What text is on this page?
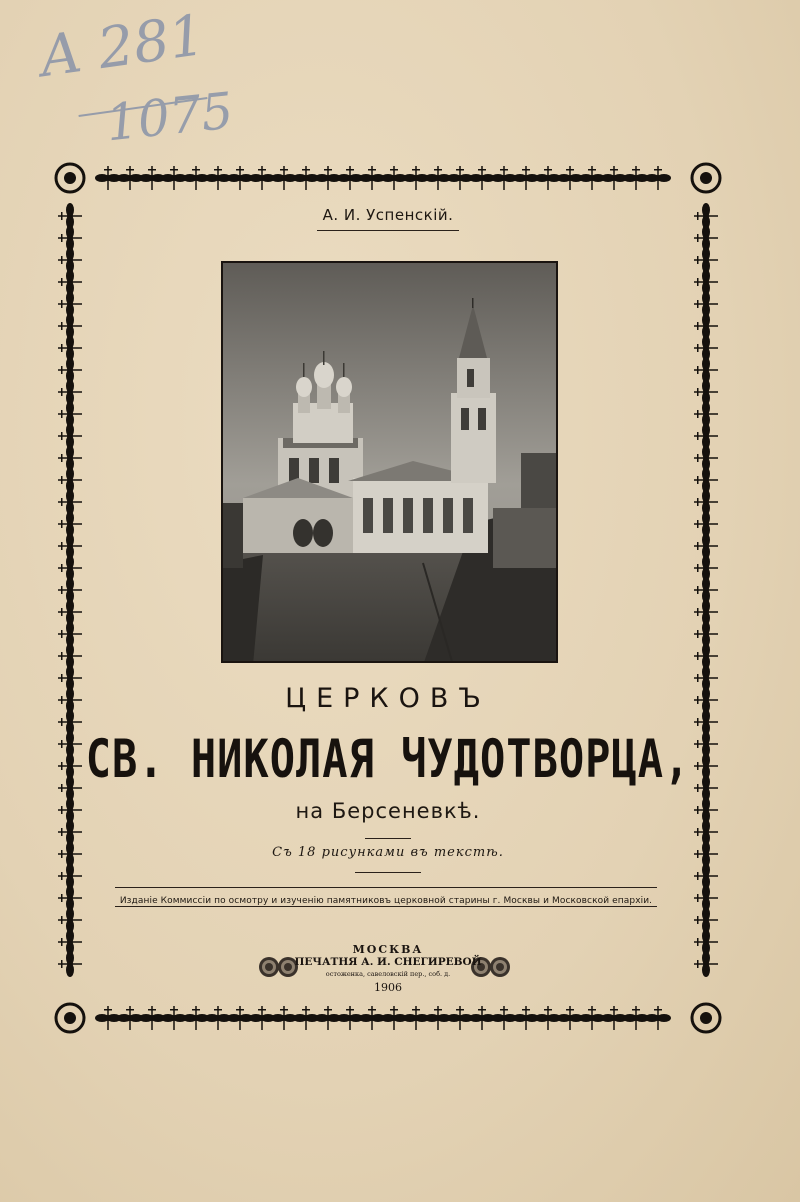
A 281
1075
А. И. Успенскій.
ЦЕРКОВЪ
СВ. НИКОЛАЯ ЧУДОТВОРЦА,
на Берсеневкѣ.
Съ 18 рисунками въ текстѣ.
Изданіе Коммиссіи по осмотру и изученію памятниковъ церковной старины г. Москвы и Московской епархіи.
МОСКВА
ПЕЧАТНЯ А. И. СНЕГИРЕВОЙ
остоженка, савеловскій пер., соб. д.
1906
